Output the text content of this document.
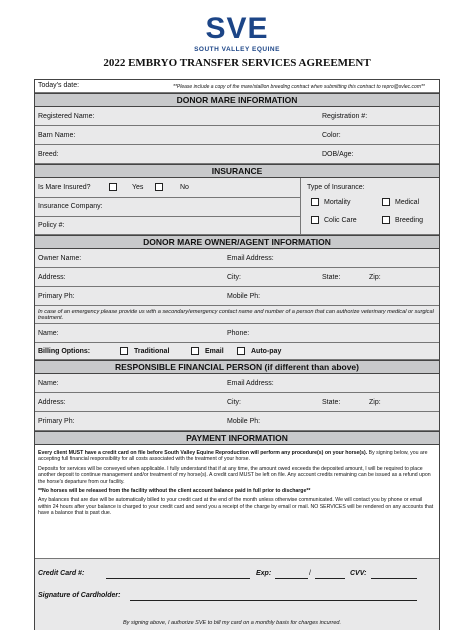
SVE
SOUTH VALLEY EQUINE
2022 EMBRYO TRANSFER SERVICES AGREEMENT
Today's date:	**Please include a copy of the mare/stallion breeding contract when submitting this contract to repro@svlec.com**
DONOR MARE INFORMATION
Registered Name:	Registration #:
Barn Name:	Color:
Breed:	DOB/Age:
INSURANCE
Is Mare Insured?	Yes	No
Insurance Company:
Policy #:
Type of Insurance:
Mortality	Medical
Colic Care	Breeding
DONOR MARE OWNER/AGENT INFORMATION
Owner Name:	Email Address:
Address:	City:	State:	Zip:
Primary Ph:	Mobile Ph:
In case of an emergency please provide us with a secondary/emergency contact name and number of a person that can authorize veterinary medical or surgical treatment.
Name:	Phone:
Billing Options:	Traditional	Email	Auto-pay
RESPONSIBLE FINANCIAL PERSON (if different than above)
Name:	Email Address:
Address:	City:	State:	Zip:
Primary Ph:	Mobile Ph:
PAYMENT INFORMATION

Every client MUST have a credit card on file before South Valley Equine Reproduction will perform any procedure(s) on your horse(s). By signing below, you are accepting full financial responsibility for all costs associated with the treatment of your horse.

Deposits for services will be conveyed when applicable. I fully understand that if at any time, the amount owed exceeds the deposited amount, I will be required to place another deposit to continue management and/or treatment of my horse(s). A credit card MUST be left on file. Any account credits remaining can be issued as a refund upon the horse's departure from our facility.

**No horses will be released from the facility without the client account balance paid in full prior to discharge**

Any balances that are due will be automatically billed to your credit card at the end of the month unless otherwise communicated. We will contact you by phone or email within 24 hours after your balance is charged to your credit card and send you a receipt of the charge by email or mail. NO SERVICES will be rendered on any accounts that have a balance that is past due.

Credit Card #:	Exp:	/	CVV:
Signature of Cardholder:
By signing above, I authorize SVE to bill my card on a monthly basis for charges incurred.
